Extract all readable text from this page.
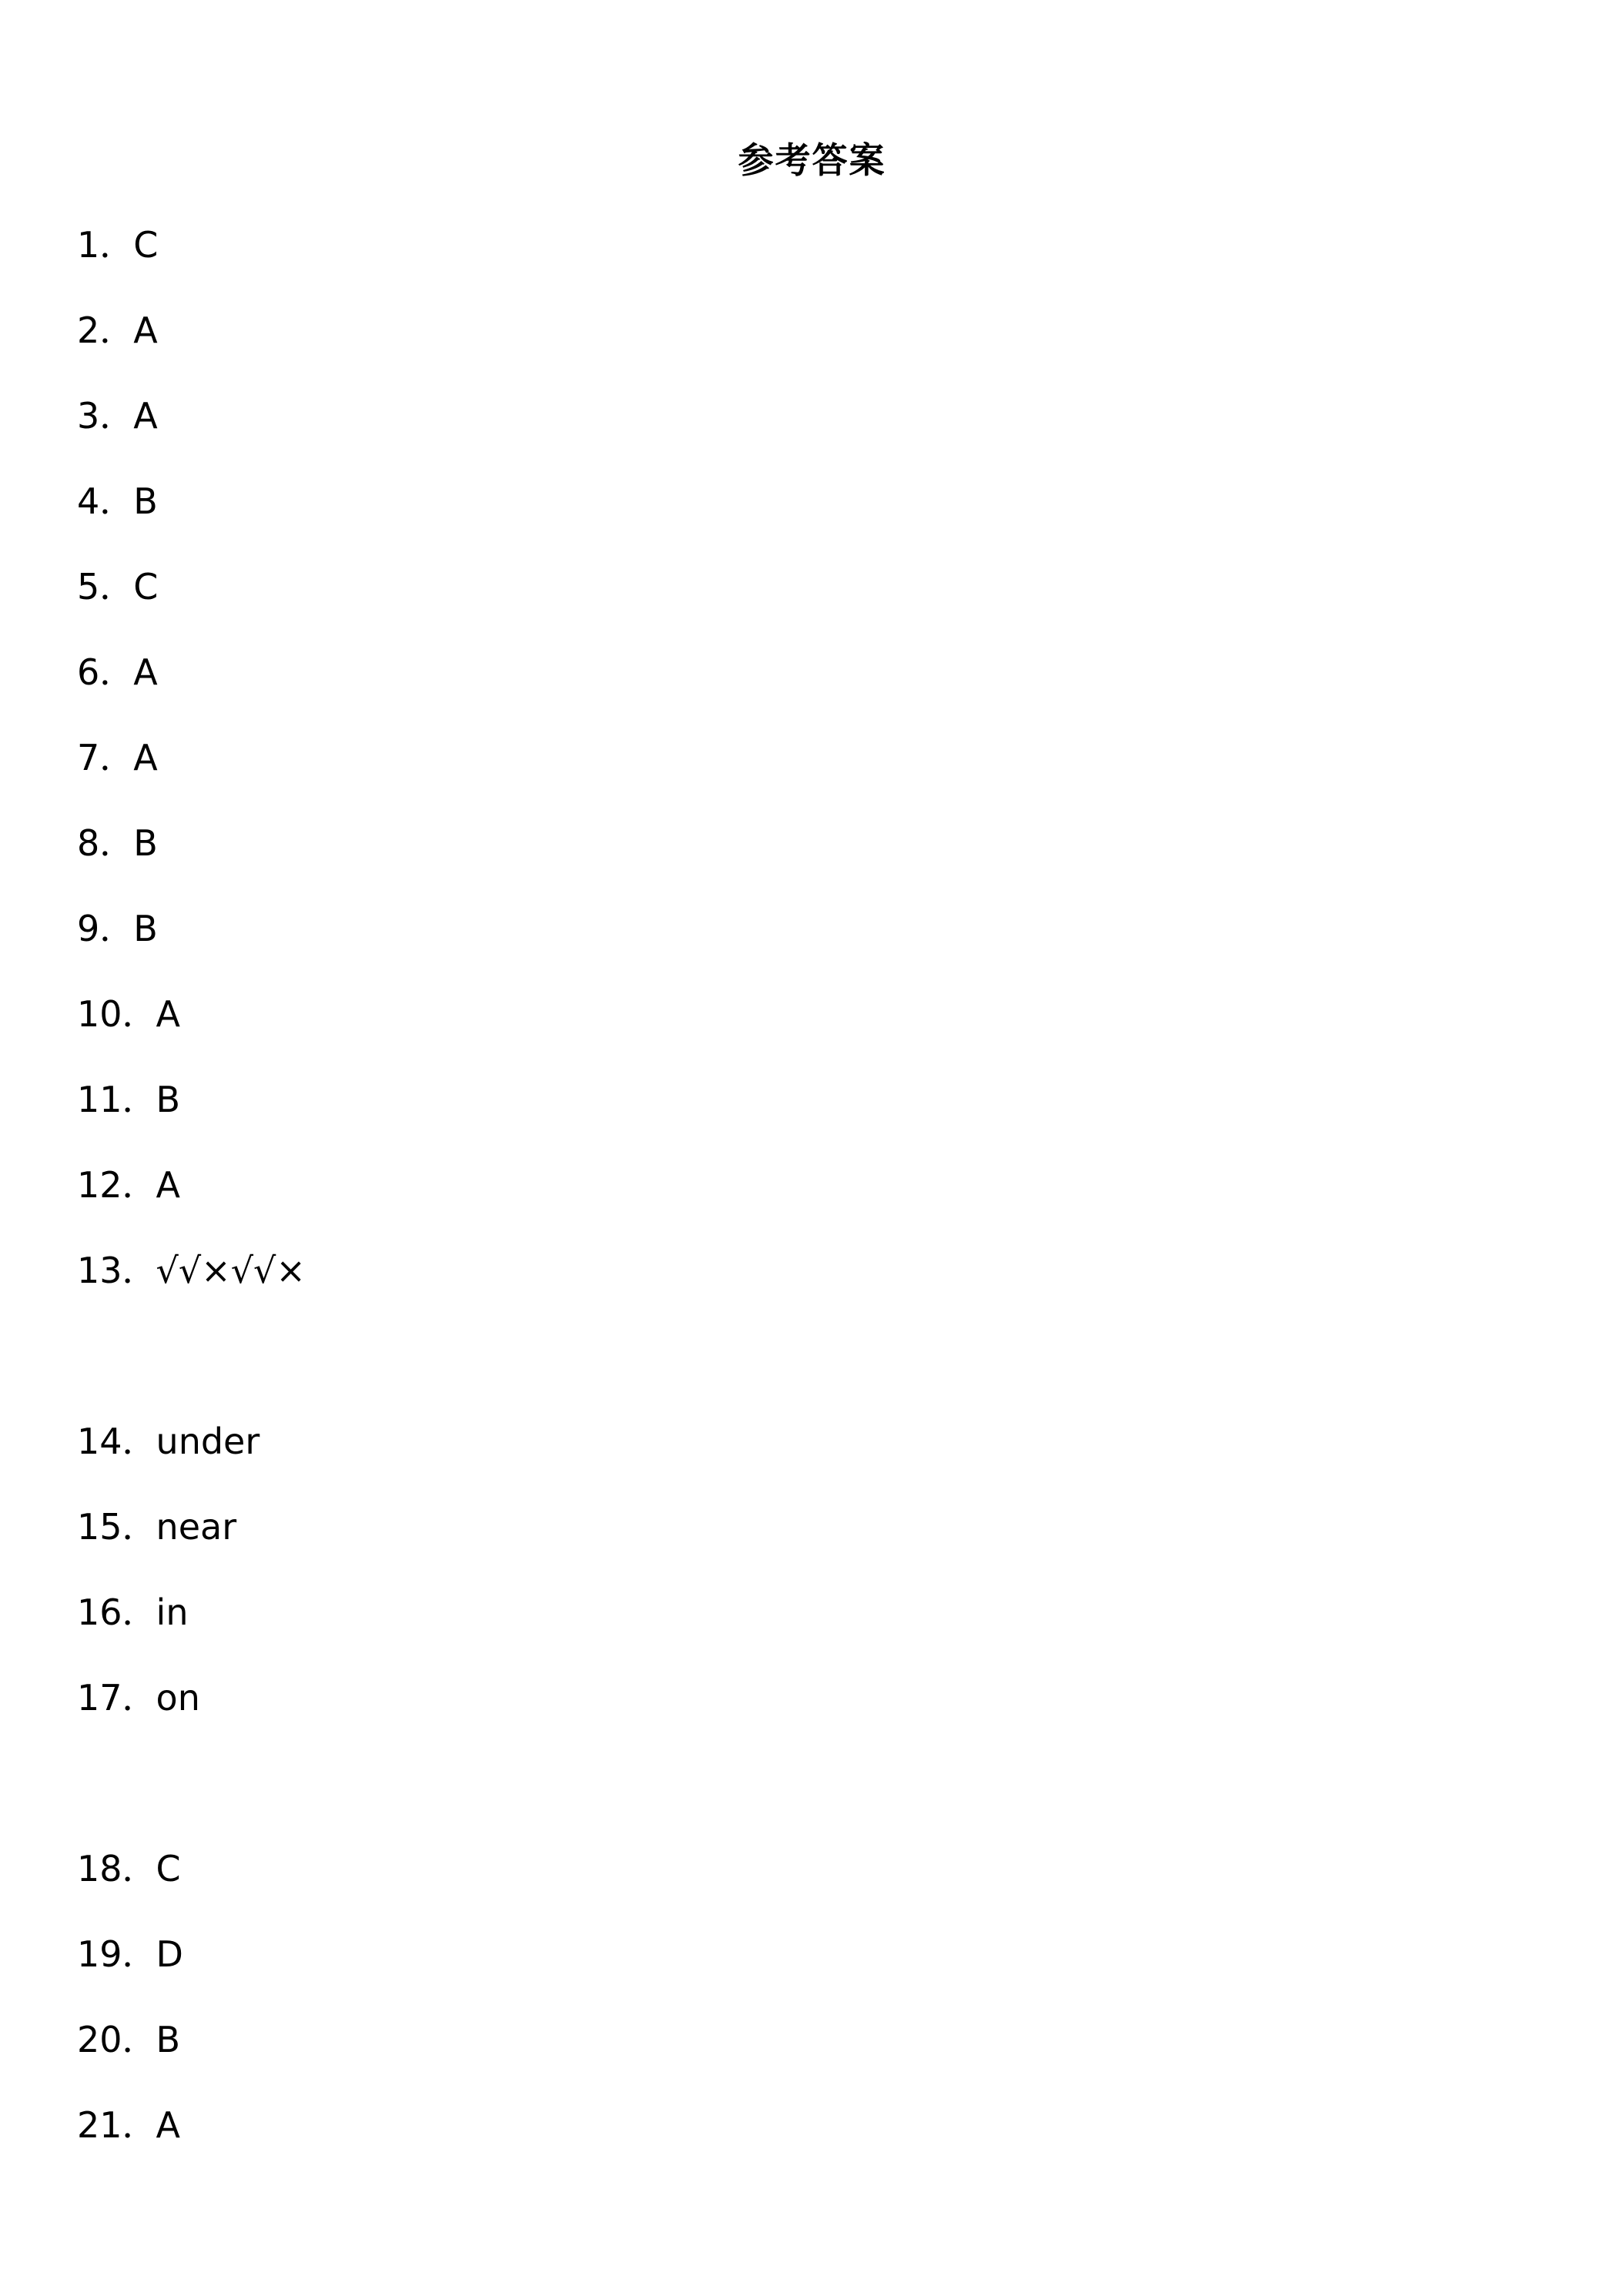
参考答案
1．C
2．A
3．A
4．B
5．C
6．A
7．A
8．B
9．B
10．A
11．B
12．A
13．√√×√√×
14．under
15．near
16．in
17．on
18．C
19．D
20．B
21．A
